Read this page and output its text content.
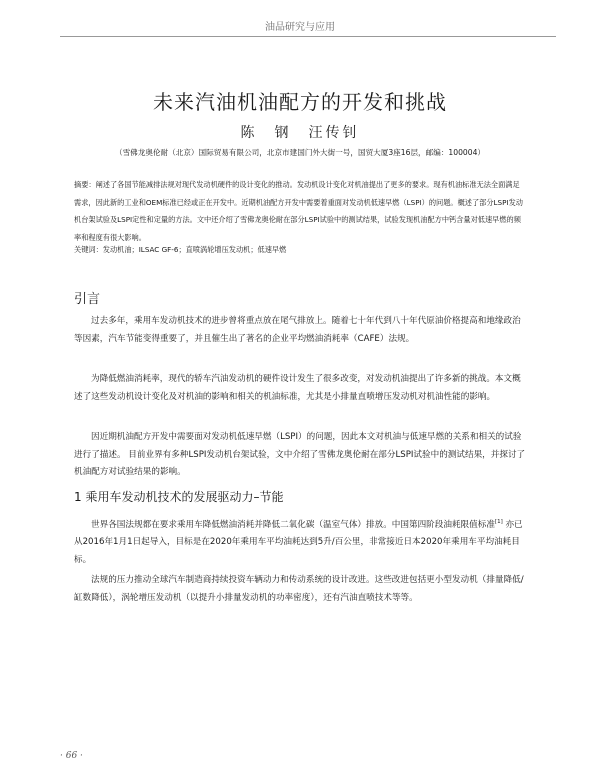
油品研究与应用
未来汽油机油配方的开发和挑战
陈　钢　汪传钊
（雪佛龙奥伦耐（北京）国际贸易有限公司，北京市建国门外大街一号，国贸大厦3座16层，邮编：100004）

摘要：阐述了各国节能减排法规对现代发动机硬件的设计变化的推动。发动机设计变化对机油提出了更多的要求。现有机油标准无法全面满足需求，因此新的工业和OEM标准已经或正在开发中。近期机油配方开发中需要着重面对发动机低速早燃（LSPI）的问题。概述了部分LSPI发动机台架试验及LSPI定性和定量的方法。文中还介绍了雪佛龙奥伦耐在部分LSPI试验中的测试结果，试验发现机油配方中钙含量对低速早燃的频率和程度有很大影响。

关键词：发动机油；ILSAC GF-6；直喷涡轮增压发动机；低速早燃

引言

过去多年，乘用车发动机技术的进步曾将重点放在尾气排放上。随着七十年代到八十年代原油价格提高和地缘政治等因素，汽车节能变得重要了，并且催生出了著名的企业平均燃油消耗率（CAFE）法规。

为降低燃油消耗率，现代的轿车汽油发动机的硬件设计发生了很多改变，对发动机油提出了许多新的挑战。本文概述了这些发动机设计变化及对机油的影响和相关的机油标准，尤其是小排量直喷增压发动机对机油性能的影响。

因近期机油配方开发中需要面对发动机低速早燃（LSPI）的问题，因此本文对机油与低速早燃的关系和相关的试验进行了描述。 目前业界有多种LSPI发动机台架试验，文中介绍了雪佛龙奥伦耐在部分LSPI试验中的测试结果，并探讨了机油配方对试验结果的影响。

1 乘用车发动机技术的发展驱动力–节能

世界各国法规都在要求乘用车降低燃油消耗并降低二氧化碳（温室气体）排放。中国第四阶段油耗限值标准[1] 亦已从2016年1月1日起导入，目标是在2020年乘用车平均油耗达到5升/百公里，非常接近日本2020年乘用车平均油耗目标。

法规的压力推动全球汽车制造商持续投资车辆动力和传动系统的设计改进。这些改进包括更小型发动机（排量降低/缸数降低），涡轮增压发动机（以提升小排量发动机的功率密度），还有汽油直喷技术等等。

· 66 ·
